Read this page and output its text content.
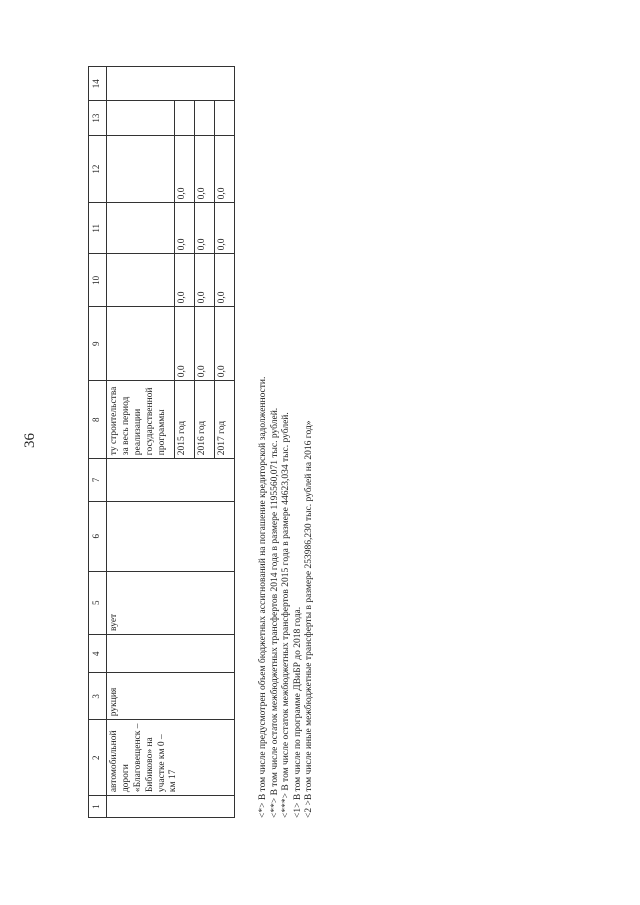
36
1	2	3	4	5	6	7	8	9	10	11	12	13	14
	автомобильной дороги «Благовещенск – Бибиково» на участке км 0 – км 17	рукция		вует			ту строительства за весь период реализации государственной программы						
							2015 год	0,0	0,0	0,0	0,0		
							2016 год	0,0	0,0	0,0	0,0		
							2017 год	0,0	0,0	0,0	0,0		
<*> В том числе предусмотрен объем бюджетных ассигнований на погашение кредиторской задолженности. <**> В том числе остаток межбюджетных трансфертов 2014 года в размере 1195560,071 тыс. рублей. <***> В том числе остаток межбюджетных трансфертов 2015 года в размере 44623,034 тыс. рублей. <1> В том числе по программе ДВиБР до 2018 года. <2 >В том числе иные межбюджетные трансферты в размере 253986,230 тыс. рублей на 2016 год»
